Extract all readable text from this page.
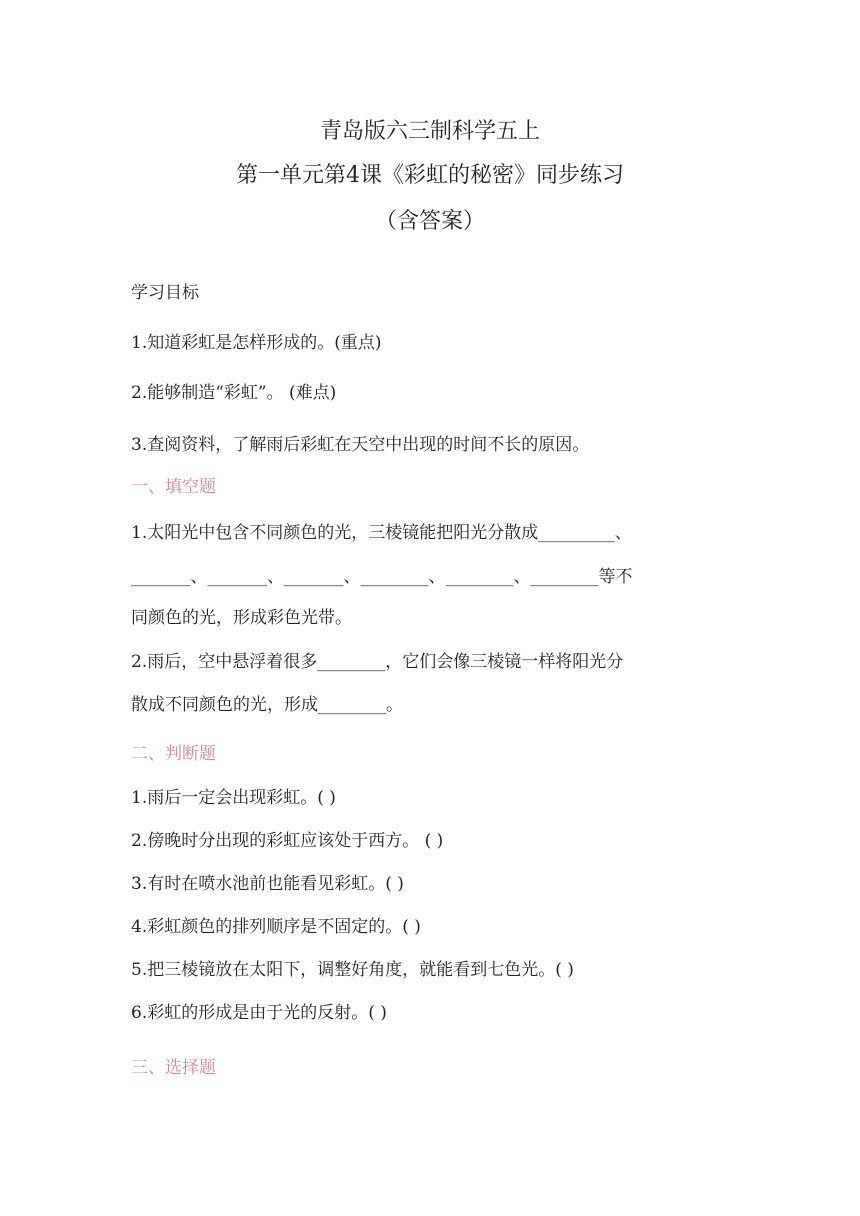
青岛版六三制科学五上
第一单元第4课《彩虹的秘密》同步练习
（含答案）
学习目标
1.知道彩虹是怎样形成的。(重点)
2.能够制造“彩虹”。 (难点)
3.查阅资料，了解雨后彩虹在天空中出现的时间不长的原因。
一、填空题
1.太阳光中包含不同颜色的光，三棱镜能把阳光分散成_________、
_______、_______、_______、________、________、________等不
同颜色的光，形成彩色光带。
2.雨后，空中悬浮着很多________，它们会像三棱镜一样将阳光分
散成不同颜色的光，形成________。
二、判断题
1.雨后一定会出现彩虹。( )
2.傍晚时分出现的彩虹应该处于西方。 ( )
3.有时在喷水池前也能看见彩虹。( )
4.彩虹颜色的排列顺序是不固定的。( )
5.把三棱镜放在太阳下，调整好角度，就能看到七色光。( )
6.彩虹的形成是由于光的反射。( )
三、选择题
